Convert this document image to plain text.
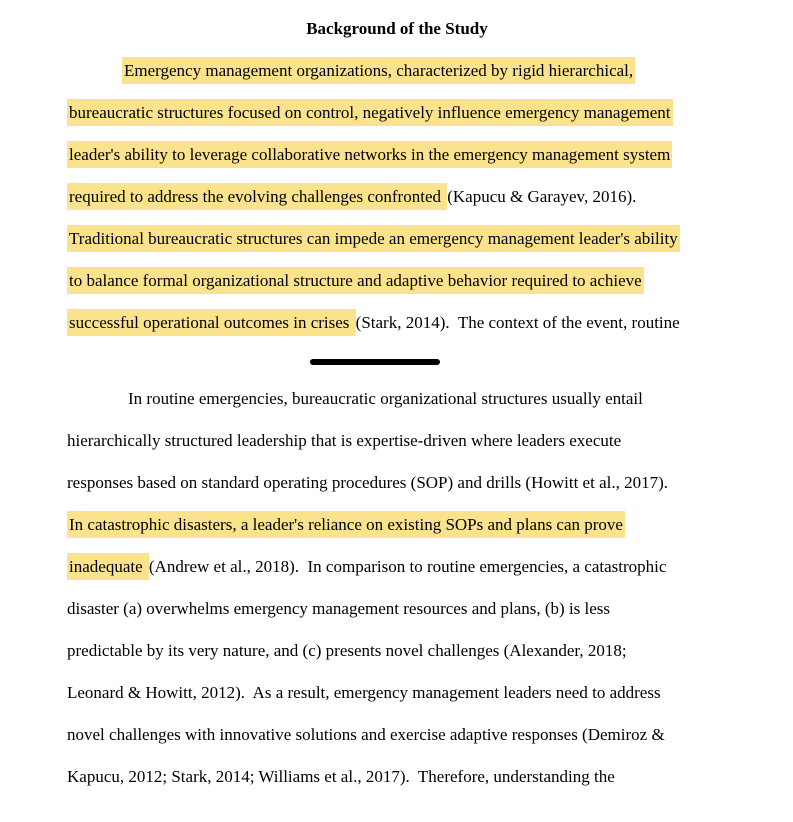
Background of the Study
Emergency management organizations, characterized by rigid hierarchical,
bureaucratic structures focused on control, negatively influence emergency management
leader's ability to leverage collaborative networks in the emergency management system
required to address the evolving challenges confronted (Kapucu & Garayev, 2016).
Traditional bureaucratic structures can impede an emergency management leader's ability
to balance formal organizational structure and adaptive behavior required to achieve
successful operational outcomes in crises (Stark, 2014).  The context of the event, routine
In routine emergencies, bureaucratic organizational structures usually entail
hierarchically structured leadership that is expertise-driven where leaders execute
responses based on standard operating procedures (SOP) and drills (Howitt et al., 2017).
In catastrophic disasters, a leader's reliance on existing SOPs and plans can prove
inadequate (Andrew et al., 2018).  In comparison to routine emergencies, a catastrophic
disaster (a) overwhelms emergency management resources and plans, (b) is less
predictable by its very nature, and (c) presents novel challenges (Alexander, 2018;
Leonard & Howitt, 2012).  As a result, emergency management leaders need to address
novel challenges with innovative solutions and exercise adaptive responses (Demiroz &
Kapucu, 2012; Stark, 2014; Williams et al., 2017).  Therefore, understanding the
